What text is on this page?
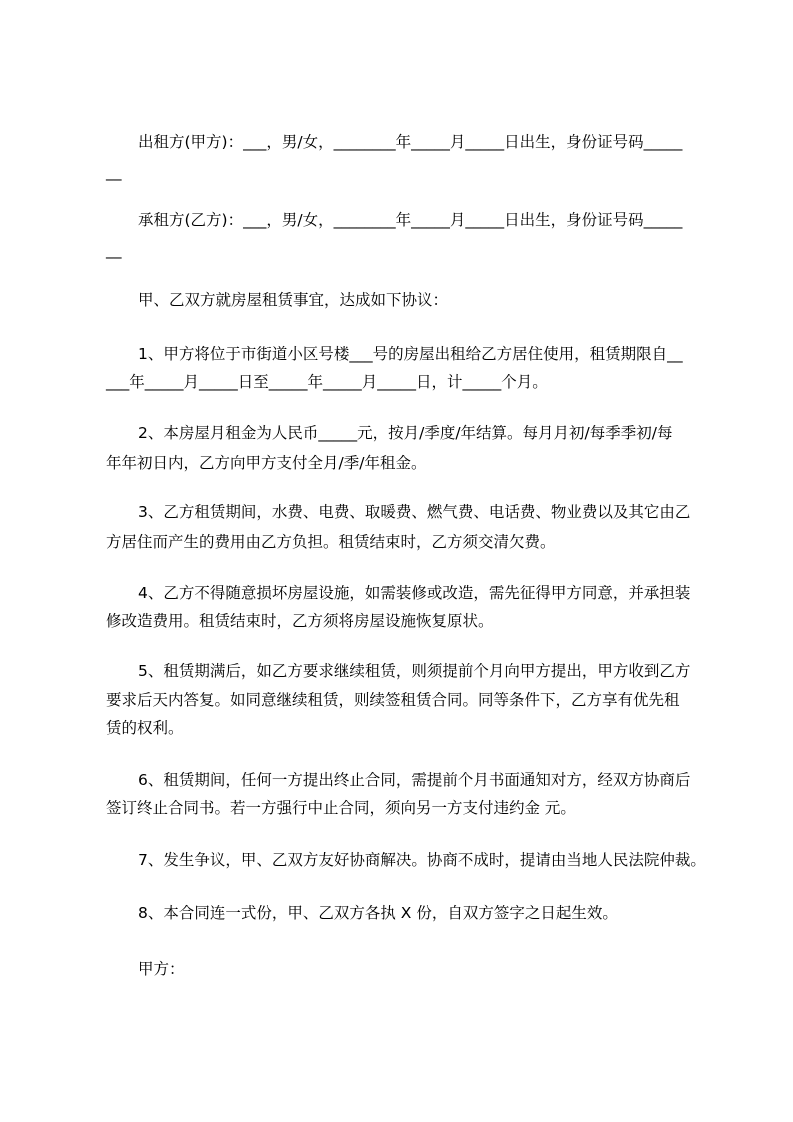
出租方(甲方)：___，男/女，________年_____月_____日出生，身份证号码_____
__
承租方(乙方)：___，男/女，________年_____月_____日出生，身份证号码_____
__
甲、乙双方就房屋租赁事宜，达成如下协议：
1、甲方将位于市街道小区号楼___号的房屋出租给乙方居住使用，租赁期限自__
___年_____月_____日至_____年_____月_____日，计_____个月。
2、本房屋月租金为人民币_____元，按月/季度/年结算。每月月初/每季季初/每
年年初日内，乙方向甲方支付全月/季/年租金。
3、乙方租赁期间，水费、电费、取暖费、燃气费、电话费、物业费以及其它由乙
方居住而产生的费用由乙方负担。租赁结束时，乙方须交清欠费。
4、乙方不得随意损坏房屋设施，如需装修或改造，需先征得甲方同意，并承担装
修改造费用。租赁结束时，乙方须将房屋设施恢复原状。
5、租赁期满后，如乙方要求继续租赁，则须提前个月向甲方提出，甲方收到乙方
要求后天内答复。如同意继续租赁，则续签租赁合同。同等条件下，乙方享有优先租
赁的权利。
6、租赁期间，任何一方提出终止合同，需提前个月书面通知对方，经双方协商后
签订终止合同书。若一方强行中止合同，须向另一方支付违约金 元。
7、发生争议，甲、乙双方友好协商解决。协商不成时，提请由当地人民法院仲裁。
8、本合同连一式份，甲、乙双方各执 X 份，自双方签字之日起生效。
甲方：
